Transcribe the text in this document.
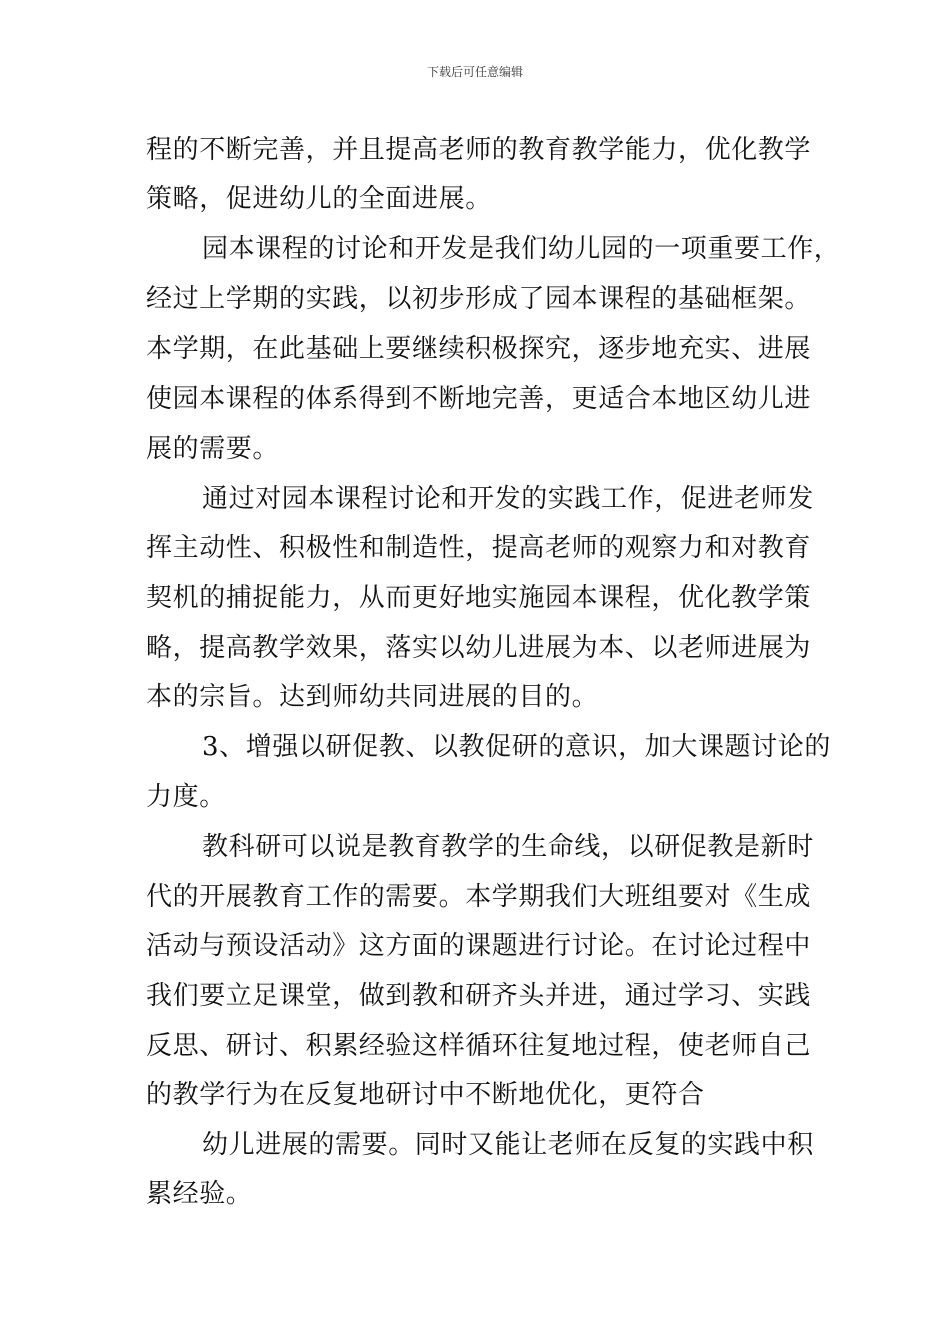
下载后可任意编辑
程的不断完善，并且提高老师的教育教学能力，优化教学
策略，促进幼儿的全面进展。
园本课程的讨论和开发是我们幼儿园的一项重要工作，
经过上学期的实践，以初步形成了园本课程的基础框架。
本学期，在此基础上要继续积极探究，逐步地充实、进展
使园本课程的体系得到不断地完善，更适合本地区幼儿进
展的需要。
通过对园本课程讨论和开发的实践工作，促进老师发
挥主动性、积极性和制造性，提高老师的观察力和对教育
契机的捕捉能力，从而更好地实施园本课程，优化教学策
略，提高教学效果，落实以幼儿进展为本、以老师进展为
本的宗旨。达到师幼共同进展的目的。
3、增强以研促教、以教促研的意识，加大课题讨论的
力度。
教科研可以说是教育教学的生命线，以研促教是新时
代的开展教育工作的需要。本学期我们大班组要对《生成
活动与预设活动》这方面的课题进行讨论。在讨论过程中
我们要立足课堂，做到教和研齐头并进，通过学习、实践
反思、研讨、积累经验这样循环往复地过程，使老师自己
的教学行为在反复地研讨中不断地优化，更符合
幼儿进展的需要。同时又能让老师在反复的实践中积
累经验。
